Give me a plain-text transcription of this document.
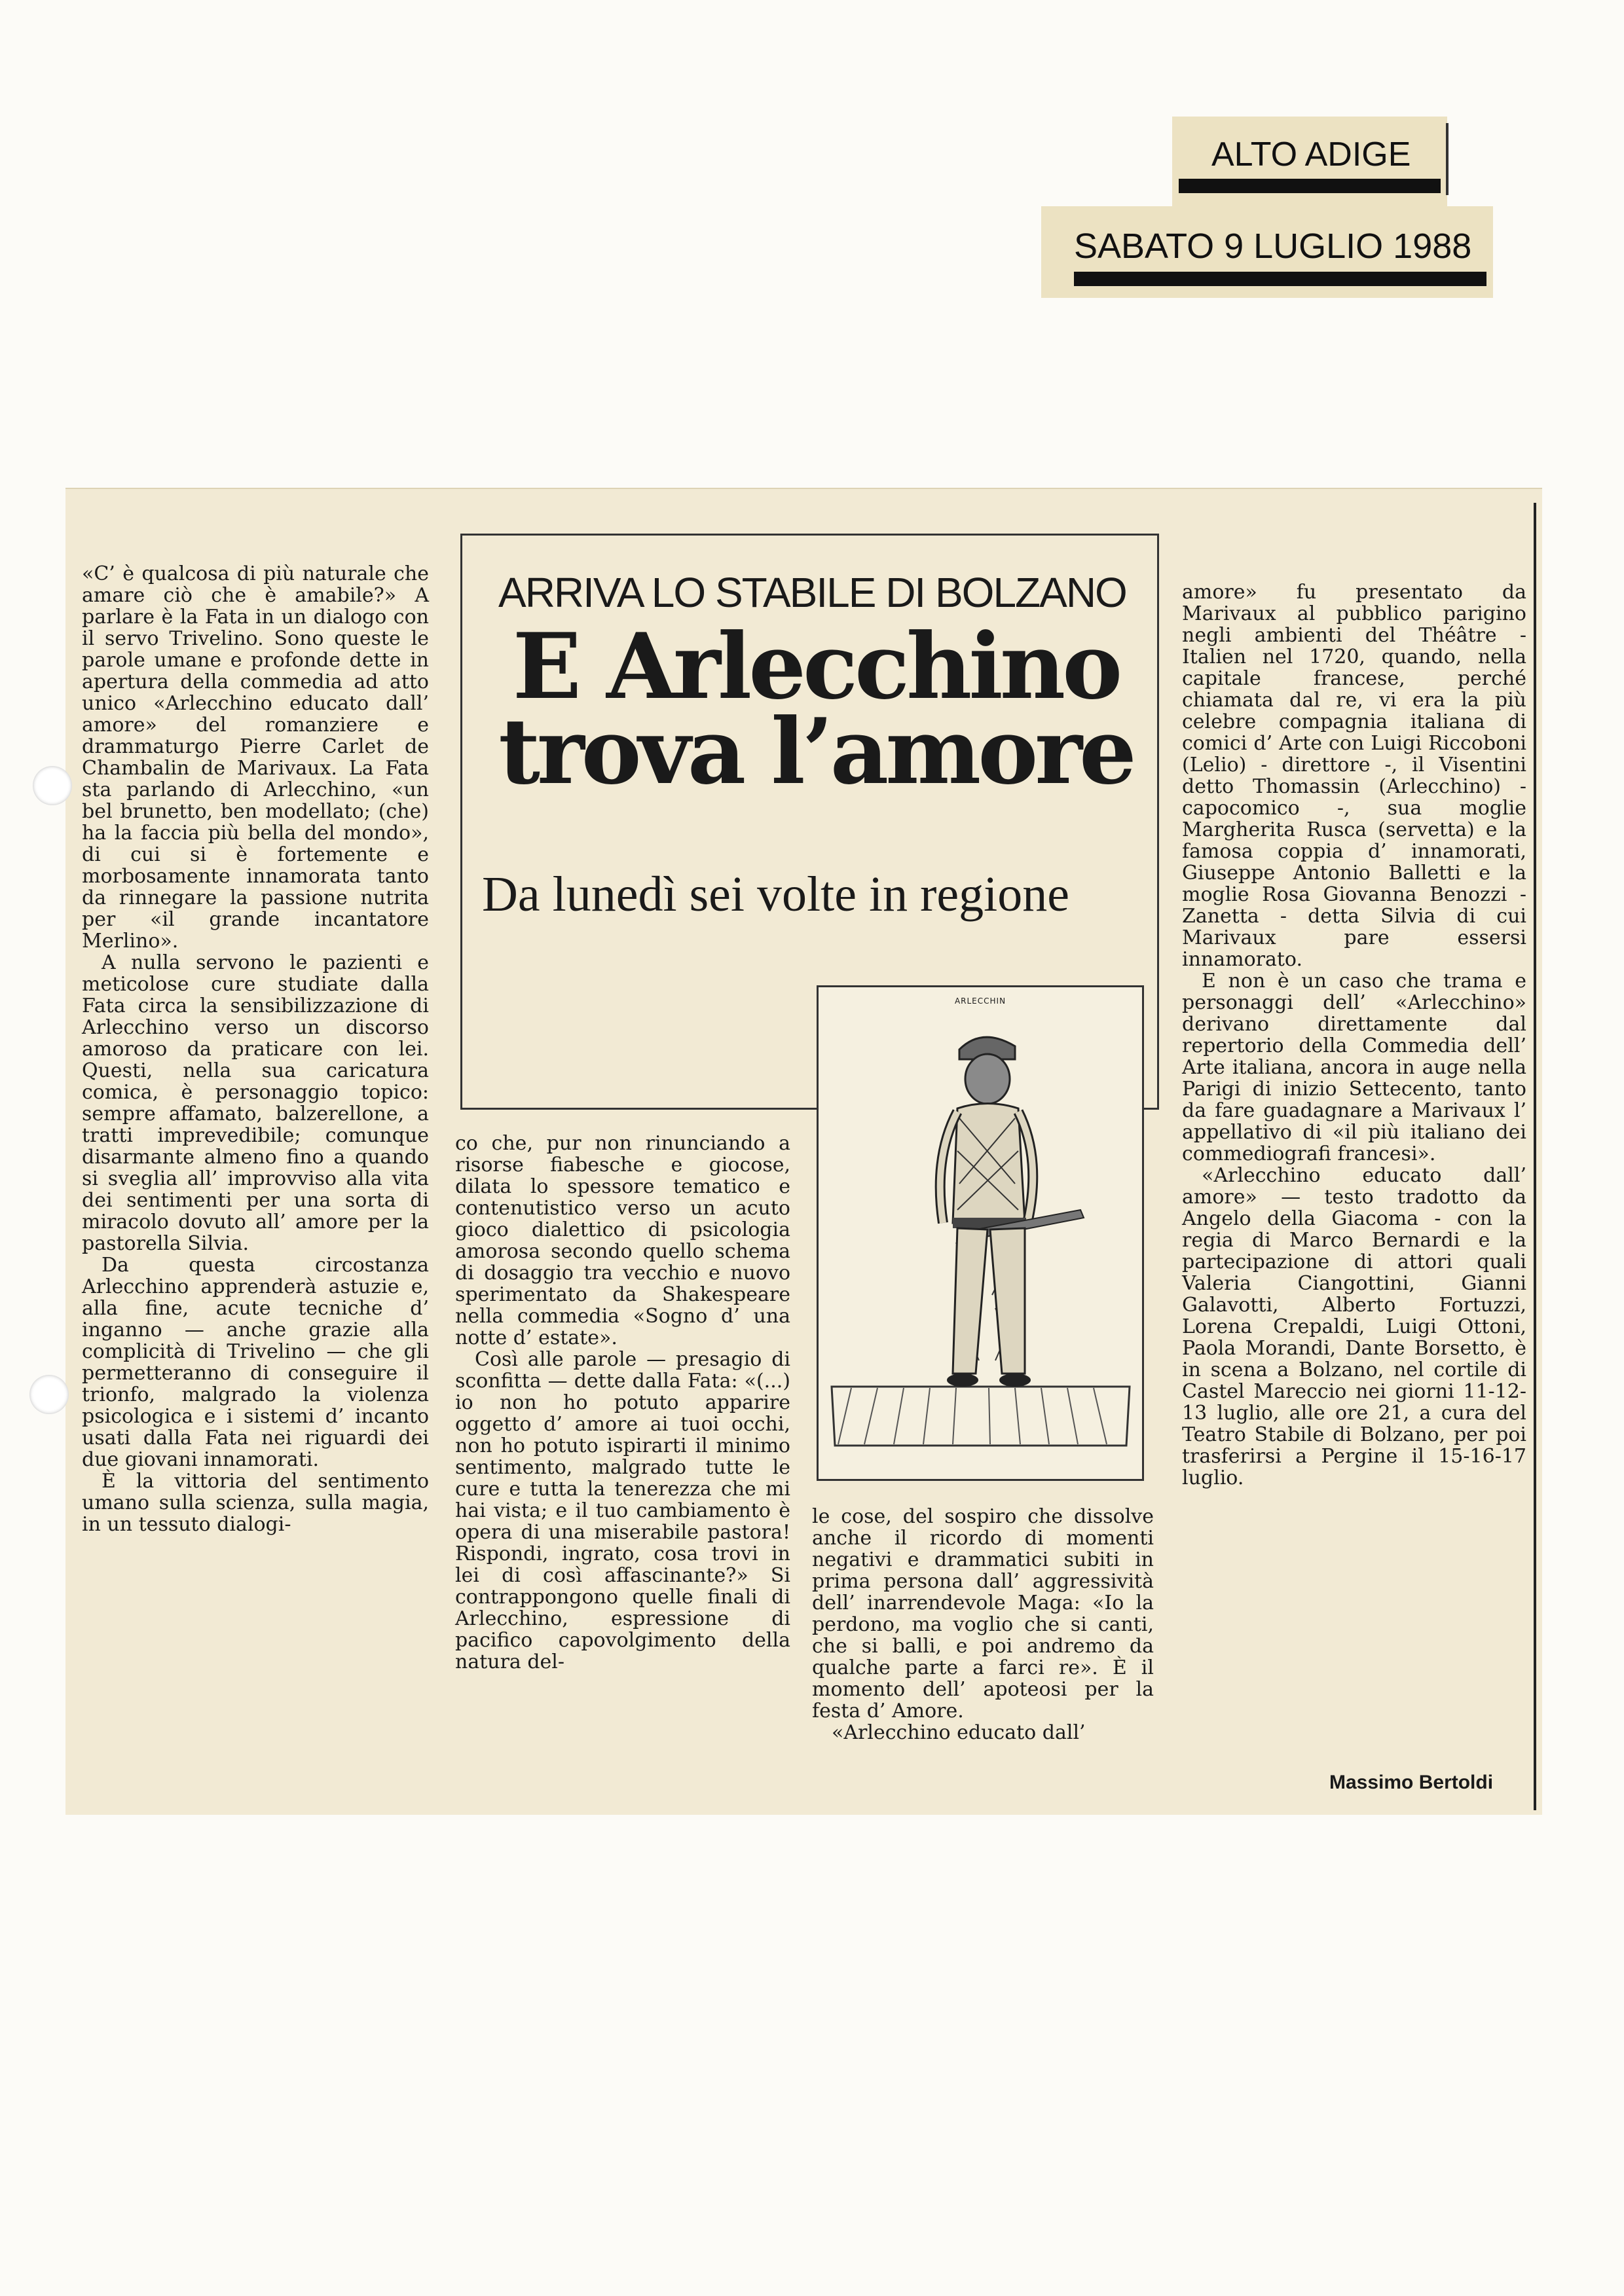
ALTO ADIGE
SABATO 9 LUGLIO 1988
ARRIVA LO STABILE DI BOLZANO
E Arlecchino
trova l’amore
Da lunedì sei volte in regione

«C’ è qualcosa di più naturale che amare ciò che è amabile?» A parlare è la Fata in un dialogo con il servo Trivelino. Sono queste le parole umane e profonde dette in apertura della commedia ad atto unico «Arlecchino educato dall’ amore» del romanziere e drammaturgo Pierre Carlet de Chambalin de Marivaux. La Fata sta parlando di Arlecchino, «un bel brunetto, ben modellato; (che) ha la faccia più bella del mondo», di cui si è fortemente e morbosamente innamorata tanto da rinnegare la passione nutrita per «il grande incantatore Merlino».

A nulla servono le pazienti e meticolose cure studiate dalla Fata circa la sensibilizzazione di Arlecchino verso un discorso amoroso da praticare con lei. Questi, nella sua caricatura comica, è personaggio topico: sempre affamato, balzerellone, a tratti imprevedibile; comunque disarmante almeno fino a quando si sveglia all’ improvviso alla vita dei sentimenti per una sorta di miracolo dovuto all’ amore per la pastorella Silvia.

Da questa circostanza Arlecchino apprenderà astuzie e, alla fine, acute tecniche d’ inganno — anche grazie alla complicità di Trivelino — che gli permetteranno di conseguire il trionfo, malgrado la violenza psicologica e i sistemi d’ incanto usati dalla Fata nei riguardi dei due giovani innamorati.

È la vittoria del sentimento umano sulla scienza, sulla magia, in un tessuto dialogi-

co che, pur non rinunciando a risorse fiabesche e giocose, dilata lo spessore tematico e contenutistico verso un acuto gioco dialettico di psicologia amorosa secondo quello schema di dosaggio tra vecchio e nuovo sperimentato da Shakespeare nella commedia «Sogno d’ una notte d’ estate».

Così alle parole — presagio di sconfitta — dette dalla Fata: «(...) io non ho potuto apparire oggetto d’ amore ai tuoi occhi, non ho potuto ispirarti il minimo sentimento, malgrado tutte le cure e tutta la tenerezza che mi hai vista; e il tuo cambiamento è opera di una miserabile pastora! Rispondi, ingrato, cosa trovi in lei di così affascinante?» Si contrappongono quelle finali di Arlecchino, espressione di pacifico capovolgimento della natura del-

ARLECCHIN

le cose, del sospiro che dissolve anche il ricordo di momenti negativi e drammatici subiti in prima persona dall’ aggressività dell’ inarrendevole Maga: «Io la perdono, ma voglio che si canti, che si balli, e poi andremo da qualche parte a farci re». È il momento dell’ apoteosi per la festa d’ Amore.

«Arlecchino educato dall’

amore» fu presentato da Marivaux al pubblico parigino negli ambienti del Théâtre - Italien nel 1720, quando, nella capitale francese, perché chiamata dal re, vi era la più celebre compagnia italiana di comici d’ Arte con Luigi Riccoboni (Lelio) - direttore -, il Visentini detto Thomassin (Arlecchino) - capocomico -, sua moglie Margherita Rusca (servetta) e la famosa coppia d’ innamorati, Giuseppe Antonio Balletti e la moglie Rosa Giovanna Benozzi - Zanetta - detta Silvia di cui Marivaux pare essersi innamorato.

E non è un caso che trama e personaggi dell’ «Arlecchino» derivano direttamente dal repertorio della Commedia dell’ Arte italiana, ancora in auge nella Parigi di inizio Settecento, tanto da fare guadagnare a Marivaux l’ appellativo di «il più italiano dei commediografi francesi».

«Arlecchino educato dall’ amore» — testo tradotto da Angelo della Giacoma - con la regia di Marco Bernardi e la partecipazione di attori quali Valeria Ciangottini, Gianni Galavotti, Alberto Fortuzzi, Lorena Crepaldi, Luigi Ottoni, Paola Morandi, Dante Borsetto, è in scena a Bolzano, nel cortile di Castel Mareccio nei giorni 11-12-13 luglio, alle ore 21, a cura del Teatro Stabile di Bolzano, per poi trasferirsi a Pergine il 15-16-17 luglio.

Massimo Bertoldi
